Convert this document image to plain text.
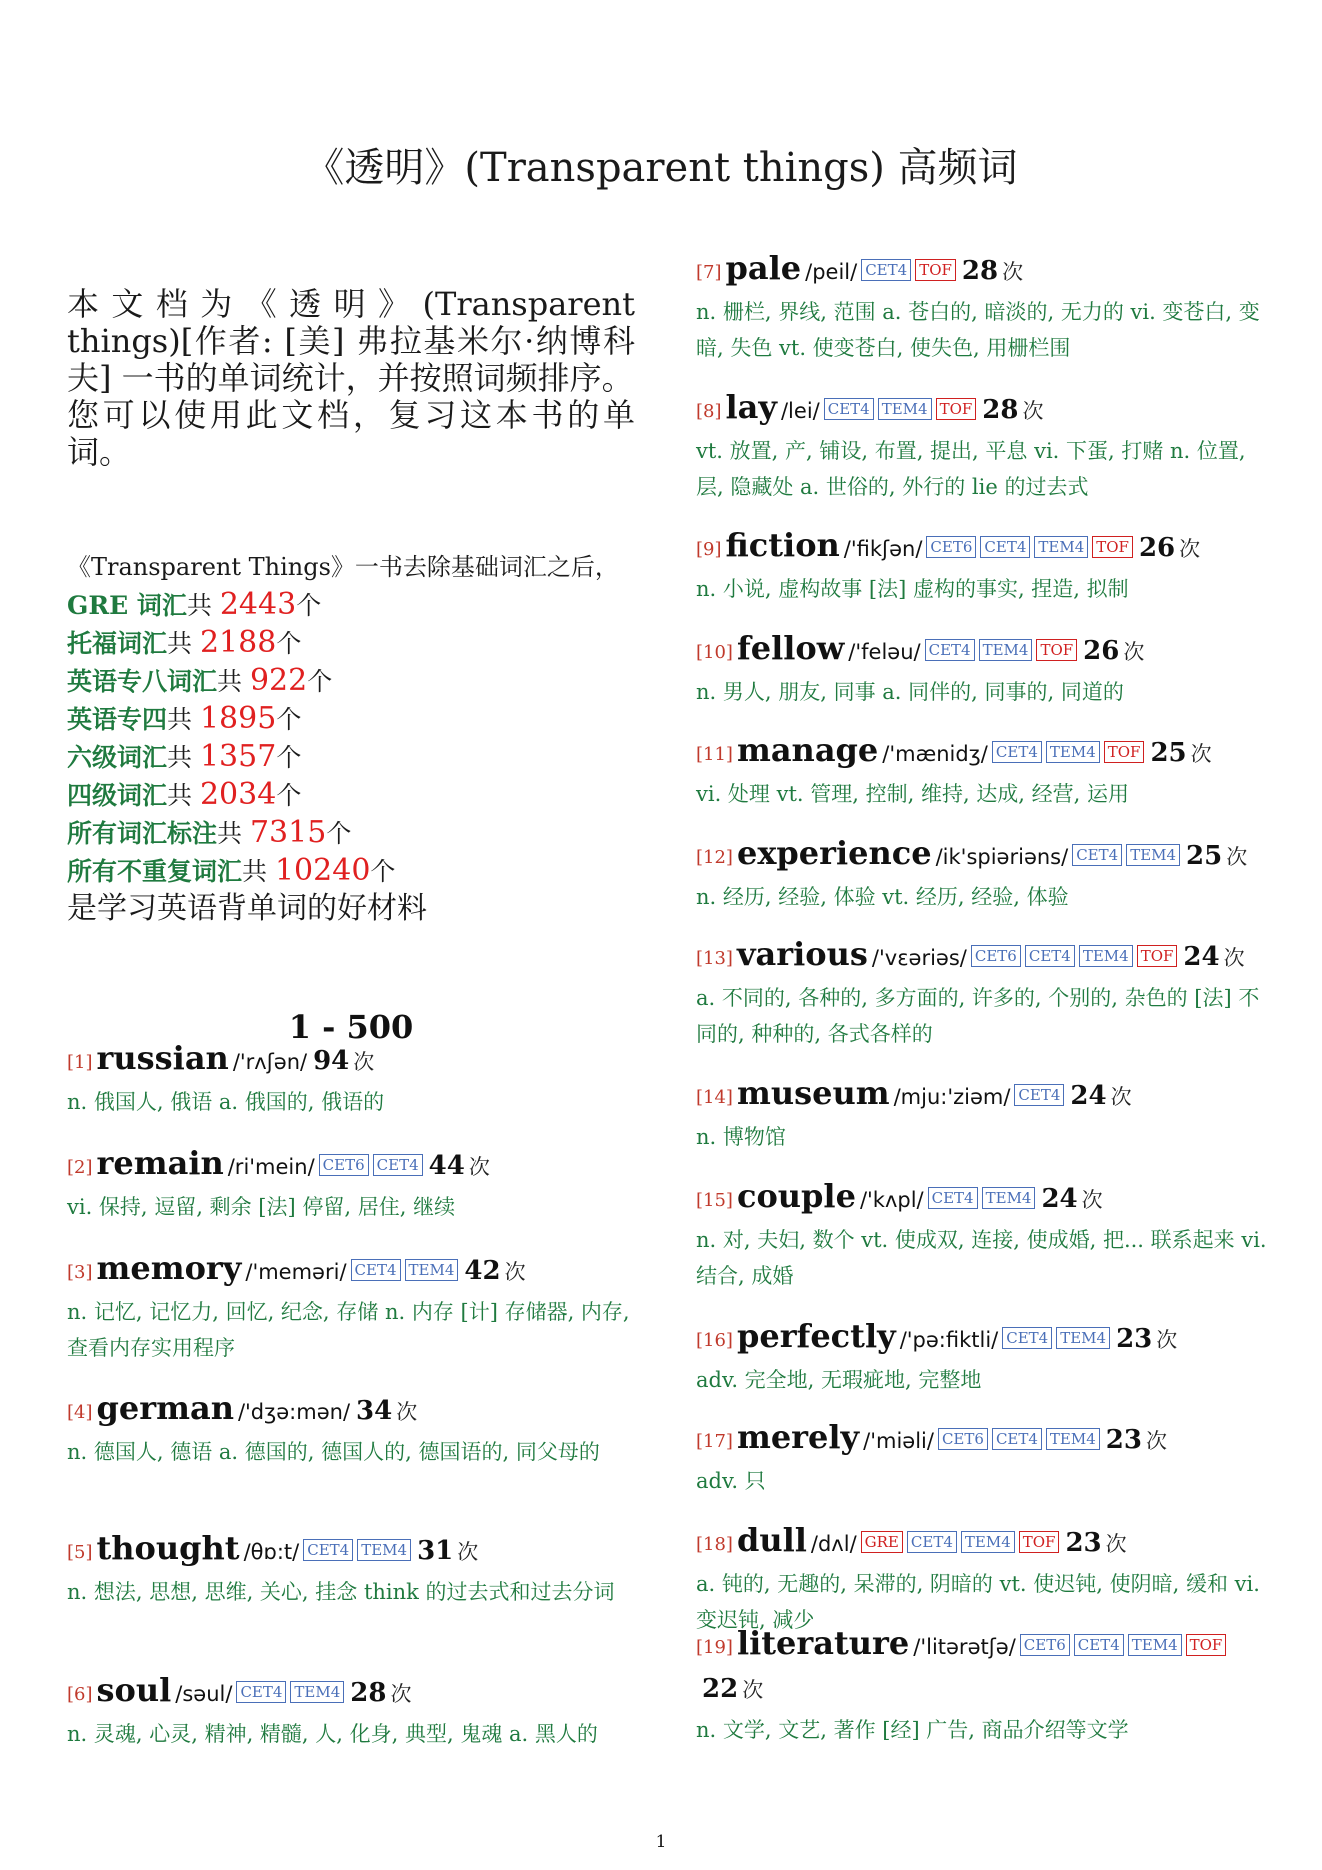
《透明》(Transparent things) 高频词

本文档为《透明》(Transparent things)[作者: [美] 弗拉基米尔·纳博科夫] 一书的单词统计，并按照词频排序。

您可以使用此文档，复习这本书的单词。

《Transparent Things》一书去除基础词汇之后，
GRE 词汇共 2443个
托福词汇共 2188个
英语专八词汇共 922个
英语专四共 1895个
六级词汇共 1357个
四级词汇共 2034个
所有词汇标注共 7315个
所有不重复词汇共 10240个
是学习英语背单词的好材料
1 - 500
[1] russian /'rʌʃən/ 94 次
n. 俄国人, 俄语 a. 俄国的, 俄语的
[2] remain /ri'mein/ CET6 CET4 44 次
vi. 保持, 逗留, 剩余 [法] 停留, 居住, 继续
[3] memory /'meməri/ CET4 TEM4 42 次
n. 记忆, 记忆力, 回忆, 纪念, 存储 n. 内存 [计] 存储器, 内存, 查看内存实用程序
[4] german /'dʒə:mən/ 34 次
n. 德国人, 德语 a. 德国的, 德国人的, 德国语的, 同父母的
[5] thought /θɒ:t/ CET4 TEM4 31 次
n. 想法, 思想, 思维, 关心, 挂念 think 的过去式和过去分词
[6] soul /səul/ CET4 TEM4 28 次
n. 灵魂, 心灵, 精神, 精髓, 人, 化身, 典型, 鬼魂 a. 黑人的
[7] pale /peil/ CET4 TOF 28 次
n. 栅栏, 界线, 范围 a. 苍白的, 暗淡的, 无力的 vi. 变苍白, 变暗, 失色 vt. 使变苍白, 使失色, 用栅栏围
[8] lay /lei/ CET4 TEM4 TOF 28 次
vt. 放置, 产, 铺设, 布置, 提出, 平息 vi. 下蛋, 打赌 n. 位置, 层, 隐藏处 a. 世俗的, 外行的 lie 的过去式
[9] fiction /'fikʃən/ CET6 CET4 TEM4 TOF 26 次
n. 小说, 虚构故事 [法] 虚构的事实, 捏造, 拟制
[10] fellow /'feləu/ CET4 TEM4 TOF 26 次
n. 男人, 朋友, 同事 a. 同伴的, 同事的, 同道的
[11] manage /'mænidʒ/ CET4 TEM4 TOF 25 次
vi. 处理 vt. 管理, 控制, 维持, 达成, 经营, 运用
[12] experience /ik'spiəriəns/ CET4 TEM4 25 次
n. 经历, 经验, 体验 vt. 经历, 经验, 体验
[13] various /'vεəriəs/ CET6 CET4 TEM4 TOF 24 次
a. 不同的, 各种的, 多方面的, 许多的, 个别的, 杂色的 [法] 不同的, 种种的, 各式各样的
[14] museum /mju:'ziəm/ CET4 24 次
n. 博物馆
[15] couple /'kʌpl/ CET4 TEM4 24 次
n. 对, 夫妇, 数个 vt. 使成双, 连接, 使成婚, 把... 联系起来 vi. 结合, 成婚
[16] perfectly /'pə:fiktli/ CET4 TEM4 23 次
adv. 完全地, 无瑕疵地, 完整地
[17] merely /'miəli/ CET6 CET4 TEM4 23 次
adv. 只
[18] dull /dʌl/ GRE CET4 TEM4 TOF 23 次
a. 钝的, 无趣的, 呆滞的, 阴暗的 vt. 使迟钝, 使阴暗, 缓和 vi. 变迟钝, 减少
[19] literature /'litərətʃə/ CET6 CET4 TEM4 TOF22 次
n. 文学, 文艺, 著作 [经] 广告, 商品介绍等文学
1
